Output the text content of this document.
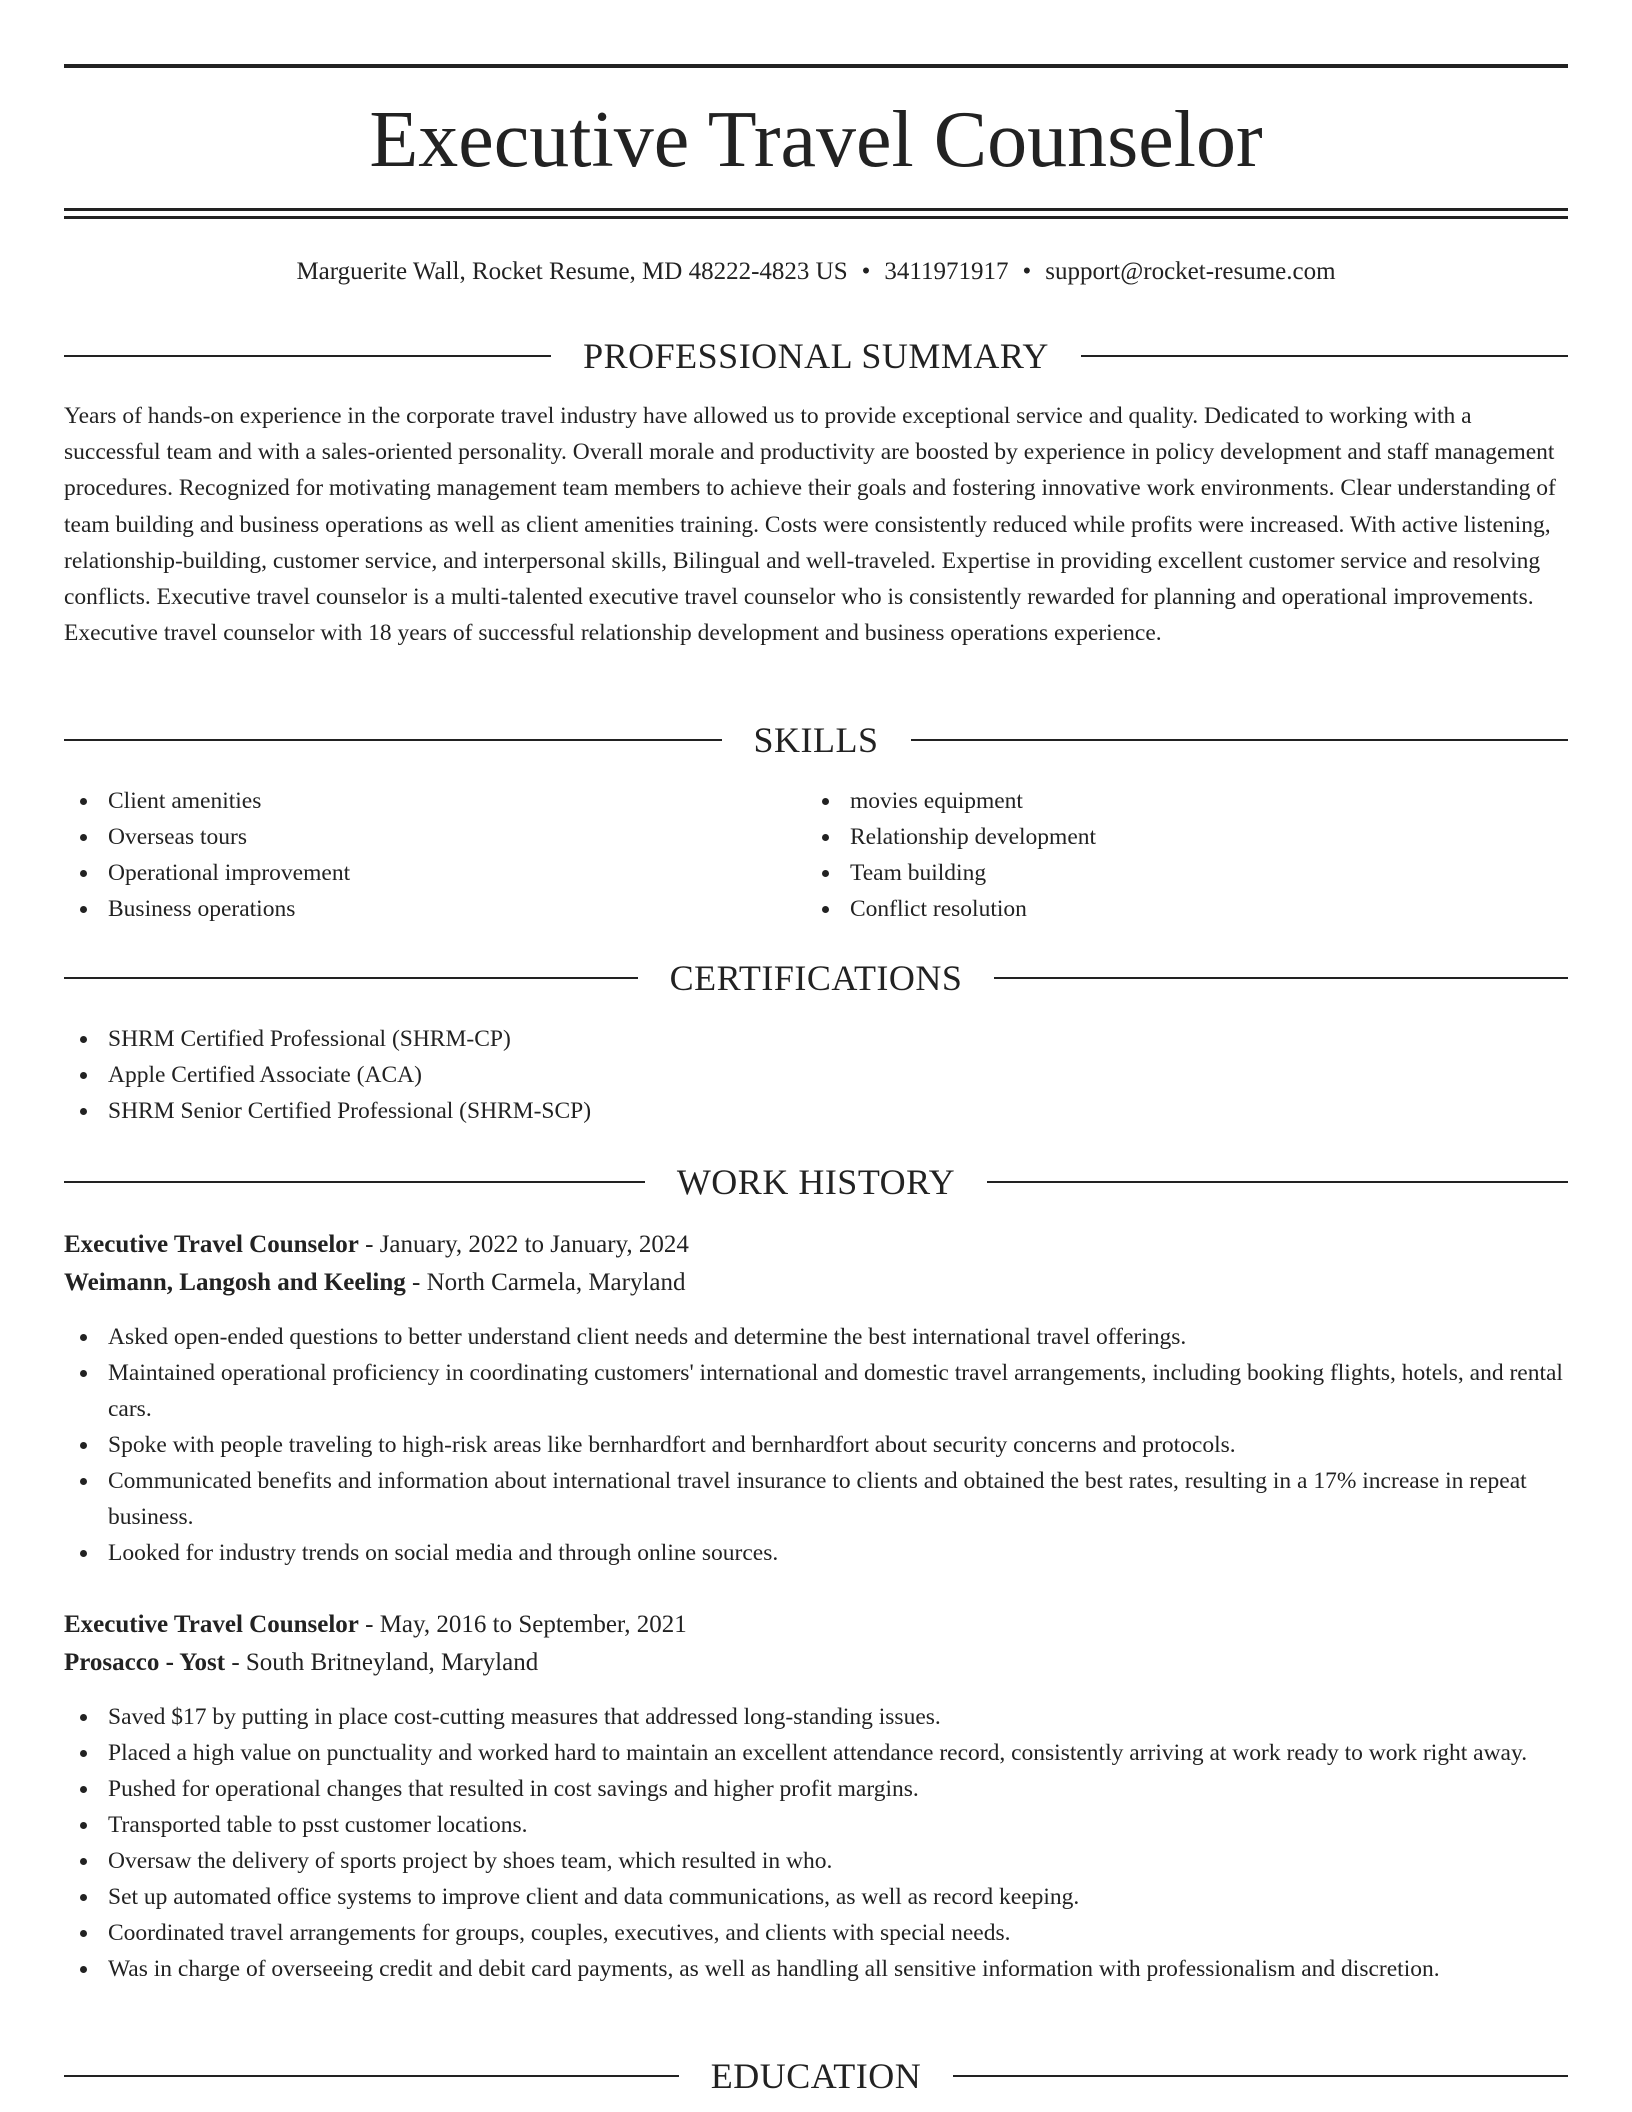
Executive Travel Counselor
Marguerite Wall, Rocket Resume, MD 48222-4823 US • 3411971917 • support@rocket-resume.com
PROFESSIONAL SUMMARY

Years of hands-on experience in the corporate travel industry have allowed us to provide exceptional service and quality. Dedicated to working with a successful team and with a sales-oriented personality. Overall morale and productivity are boosted by experience in policy development and staff management procedures. Recognized for motivating management team members to achieve their goals and fostering innovative work environments. Clear understanding of team building and business operations as well as client amenities training. Costs were consistently reduced while profits were increased. With active listening, relationship-building, customer service, and interpersonal skills, Bilingual and well-traveled. Expertise in providing excellent customer service and resolving conflicts. Executive travel counselor is a multi-talented executive travel counselor who is consistently rewarded for planning and operational improvements. Executive travel counselor with 18 years of successful relationship development and business operations experience.

SKILLS
Client amenities
Overseas tours
Operational improvement
Business operations
movies equipment
Relationship development
Team building
Conflict resolution
CERTIFICATIONS
SHRM Certified Professional (SHRM-CP)
Apple Certified Associate (ACA)
SHRM Senior Certified Professional (SHRM-SCP)
WORK HISTORY
Executive Travel Counselor - January, 2022 to January, 2024
Weimann, Langosh and Keeling - North Carmela, Maryland
Asked open-ended questions to better understand client needs and determine the best international travel offerings.
Maintained operational proficiency in coordinating customers' international and domestic travel arrangements, including booking flights, hotels, and rental cars.
Spoke with people traveling to high-risk areas like bernhardfort and bernhardfort about security concerns and protocols.
Communicated benefits and information about international travel insurance to clients and obtained the best rates, resulting in a 17% increase in repeat business.
Looked for industry trends on social media and through online sources.
Executive Travel Counselor - May, 2016 to September, 2021
Prosacco - Yost - South Britneyland, Maryland
Saved $17 by putting in place cost-cutting measures that addressed long-standing issues.
Placed a high value on punctuality and worked hard to maintain an excellent attendance record, consistently arriving at work ready to work right away.
Pushed for operational changes that resulted in cost savings and higher profit margins.
Transported table to psst customer locations.
Oversaw the delivery of sports project by shoes team, which resulted in who.
Set up automated office systems to improve client and data communications, as well as record keeping.
Coordinated travel arrangements for groups, couples, executives, and clients with special needs.
Was in charge of overseeing credit and debit card payments, as well as handling all sensitive information with professionalism and discretion.
EDUCATION
